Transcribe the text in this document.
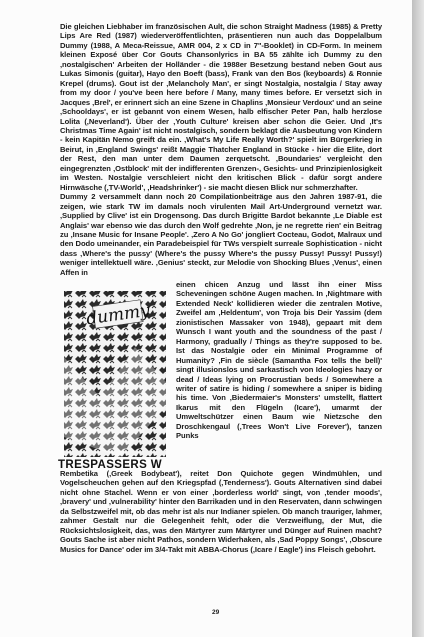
Die gleichen Liebhaber im französischen Ault, die schon Straight Madness (1985) & Pretty Lips Are Red (1987) wiederveröffentlichten, präsentieren nun auch das Doppelalbum Dummy (1988, A Meca-Reissue, AMR 004, 2 x CD in 7"-Booklet) in CD-Form. In meinem kleinen Exposé über Cor Gouts Chansonlyrics in BA 55 zählte ich Dummy zu den ‚nostalgischen' Arbeiten der Holländer - die 1988er Besetzung bestand neben Gout aus Lukas Simonis (guitar), Hayo den Boeft (bass), Frank van den Bos (keyboards) & Ronnie Krepel (drums). Gout ist der ‚Melancholy Man', er singt Nostalgia, nostalgia / Stay away from my door / you've been here before / Many, many times before. Er versetzt sich in Jacques ‚Brel', er erinnert sich an eine Szene in Chaplins ‚Monsieur Verdoux' und an seine ‚Schooldays', er ist gebannt von einem Wesen, halb elfischer Peter Pan, halb herzlose Lolita (‚Neverland'). Über der ‚Youth Culture' kreisen aber schon die Geier. Und ‚It's Christmas Time Again' ist nicht nostalgisch, sondern beklagt die Ausbeutung von Kindern - kein Kapitän Nemo greift da ein. ‚What's My Life Really Worth?' spielt im Bürgerkrieg in Beirut, in ‚England Swings' reißt Maggie Thatcher England in Stücke - hier die Elite, dort der Rest, den man unter dem Daumen zerquetscht. ‚Boundaries' vergleicht den eingegrenzten ‚Ostblock' mit der indifferenten Grenzen-, Gesichts- und Prinzipienlosigkeit im Westen. Nostalgie verschleiert nicht den kritischen Blick - dafür sorgt andere Hirnwäsche (‚TV-World', ‚Headshrinker') - sie macht diesen Blick nur schmerzhafter.

Dummy 2 versammelt dann noch 20 Compilationbeiträge aus den Jahren 1987-91, die zeigen, wie stark TW im damals noch virulenten Mail Art-Underground vernetzt war. ‚Supplied by Clive' ist ein Drogensong. Das durch Brigitte Bardot bekannte ‚Le Diable est Anglais' war ebenso wie das durch den Wolf gedrehte ‚Non, je ne regrette rien' ein Beitrag zu ‚Insane Music for Insane People'. ‚Zero A No Go' jongliert Cocteau, Godot, Malraux und den Dodo umeinander, ein Paradebeispiel für TWs verspielt surreale Sophistication - nicht dass ‚Where's the pussy' (Where's the pussy Where's the pussy Pussy! Pussy! Pussy!) weniger intellektuell wäre. ‚Genius' steckt, zur Melodie von Shocking Blues ‚Venus', einen Affen in

dummy
TRESPASSERS W

einen chicen Anzug und lässt ihn einer Miss Scheveningen schöne Augen machen. In ‚Nightmare with Extended Neck' kollidieren wieder die zentralen Motive, Zweifel am ‚Heldentum', von Troja bis Deir Yassim (dem zionistischen Massaker von 1948), gepaart mit dem Wunsch I want youth and the soundness of the past / Harmony, gradually / Things as they're supposed to be. Ist das Nostalgie oder ein Minimal Programme of Humanity? ‚Fin de siècle (Samantha Fox tells the bell)' singt illusionslos und sarkastisch von Ideologies hazy or dead / Ideas lying on Procrustian beds / Somewhere a writer of satire is hiding / somewhere a sniper is biding his time. Von ‚Biedermaier's Monsters' umstellt, flattert Ikarus mit den Flügeln (Icare'), umarmt der Umweltschützer einen Baum wie Nietzsche den Droschkengaul (‚Trees Won't Live Forever'), tanzen Punks

Rembetika (‚Greek Bodybeat'), reitet Don Quichote gegen Windmühlen, und Vogelscheuchen gehen auf den Kriegspfad (‚Tenderness'). Gouts Alternativen sind dabei nicht ohne Stachel. Wenn er von einer ‚borderless world' singt, von ‚tender moods', ‚bravery' und ‚vulnerability' hinter den Barrikaden und in den Reservaten, dann schwingen da Selbstzweifel mit, ob das mehr ist als nur Indianer spielen. Ob manch trauriger, lahmer, zahmer Gestalt nur die Gelegenheit fehlt, oder die Verzweiflung, der Mut, die Rücksichtslosigkeit, das, was den Märtyrer zum Märtyrer und Dünger auf Ruinen macht? Gouts Sache ist aber nicht Pathos, sondern Widerhaken, als ‚Sad Poppy Songs', ‚Obscure Musics for Dance' oder im 3/4-Takt mit ABBA-Chorus (‚Icare / Eagle') ins Fleisch gebohrt.

29
